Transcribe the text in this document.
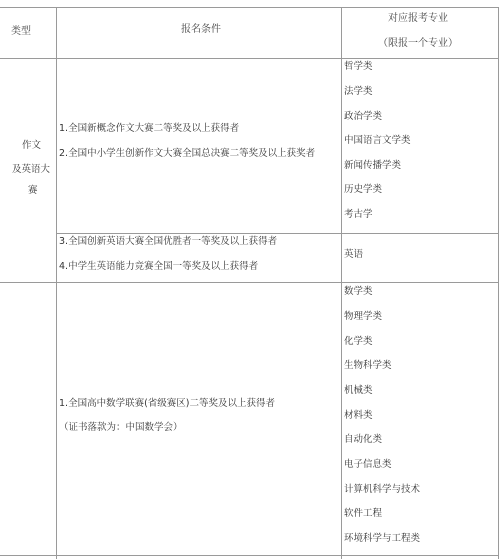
类型	报名条件
对应报考专业
（限报一个专业）
作文
及英语大
赛
1.全国新概念作文大赛二等奖及以上获得者
2.全国中小学生创新作文大赛全国总决赛二等奖及以上获奖者
哲学类
法学类
政治学类
中国语言文学类
新闻传播学类
历史学类
考古学
3.全国创新英语大赛全国优胜者一等奖及以上获得者
4.中学生英语能力竞赛全国一等奖及以上获得者
英语
1.全国高中数学联赛(省级赛区)二等奖及以上获得者
（证书落款为：中国数学会）
数学类
物理学类
化学类
生物科学类
机械类
材料类
自动化类
电子信息类
计算机科学与技术
软件工程
环境科学与工程类
